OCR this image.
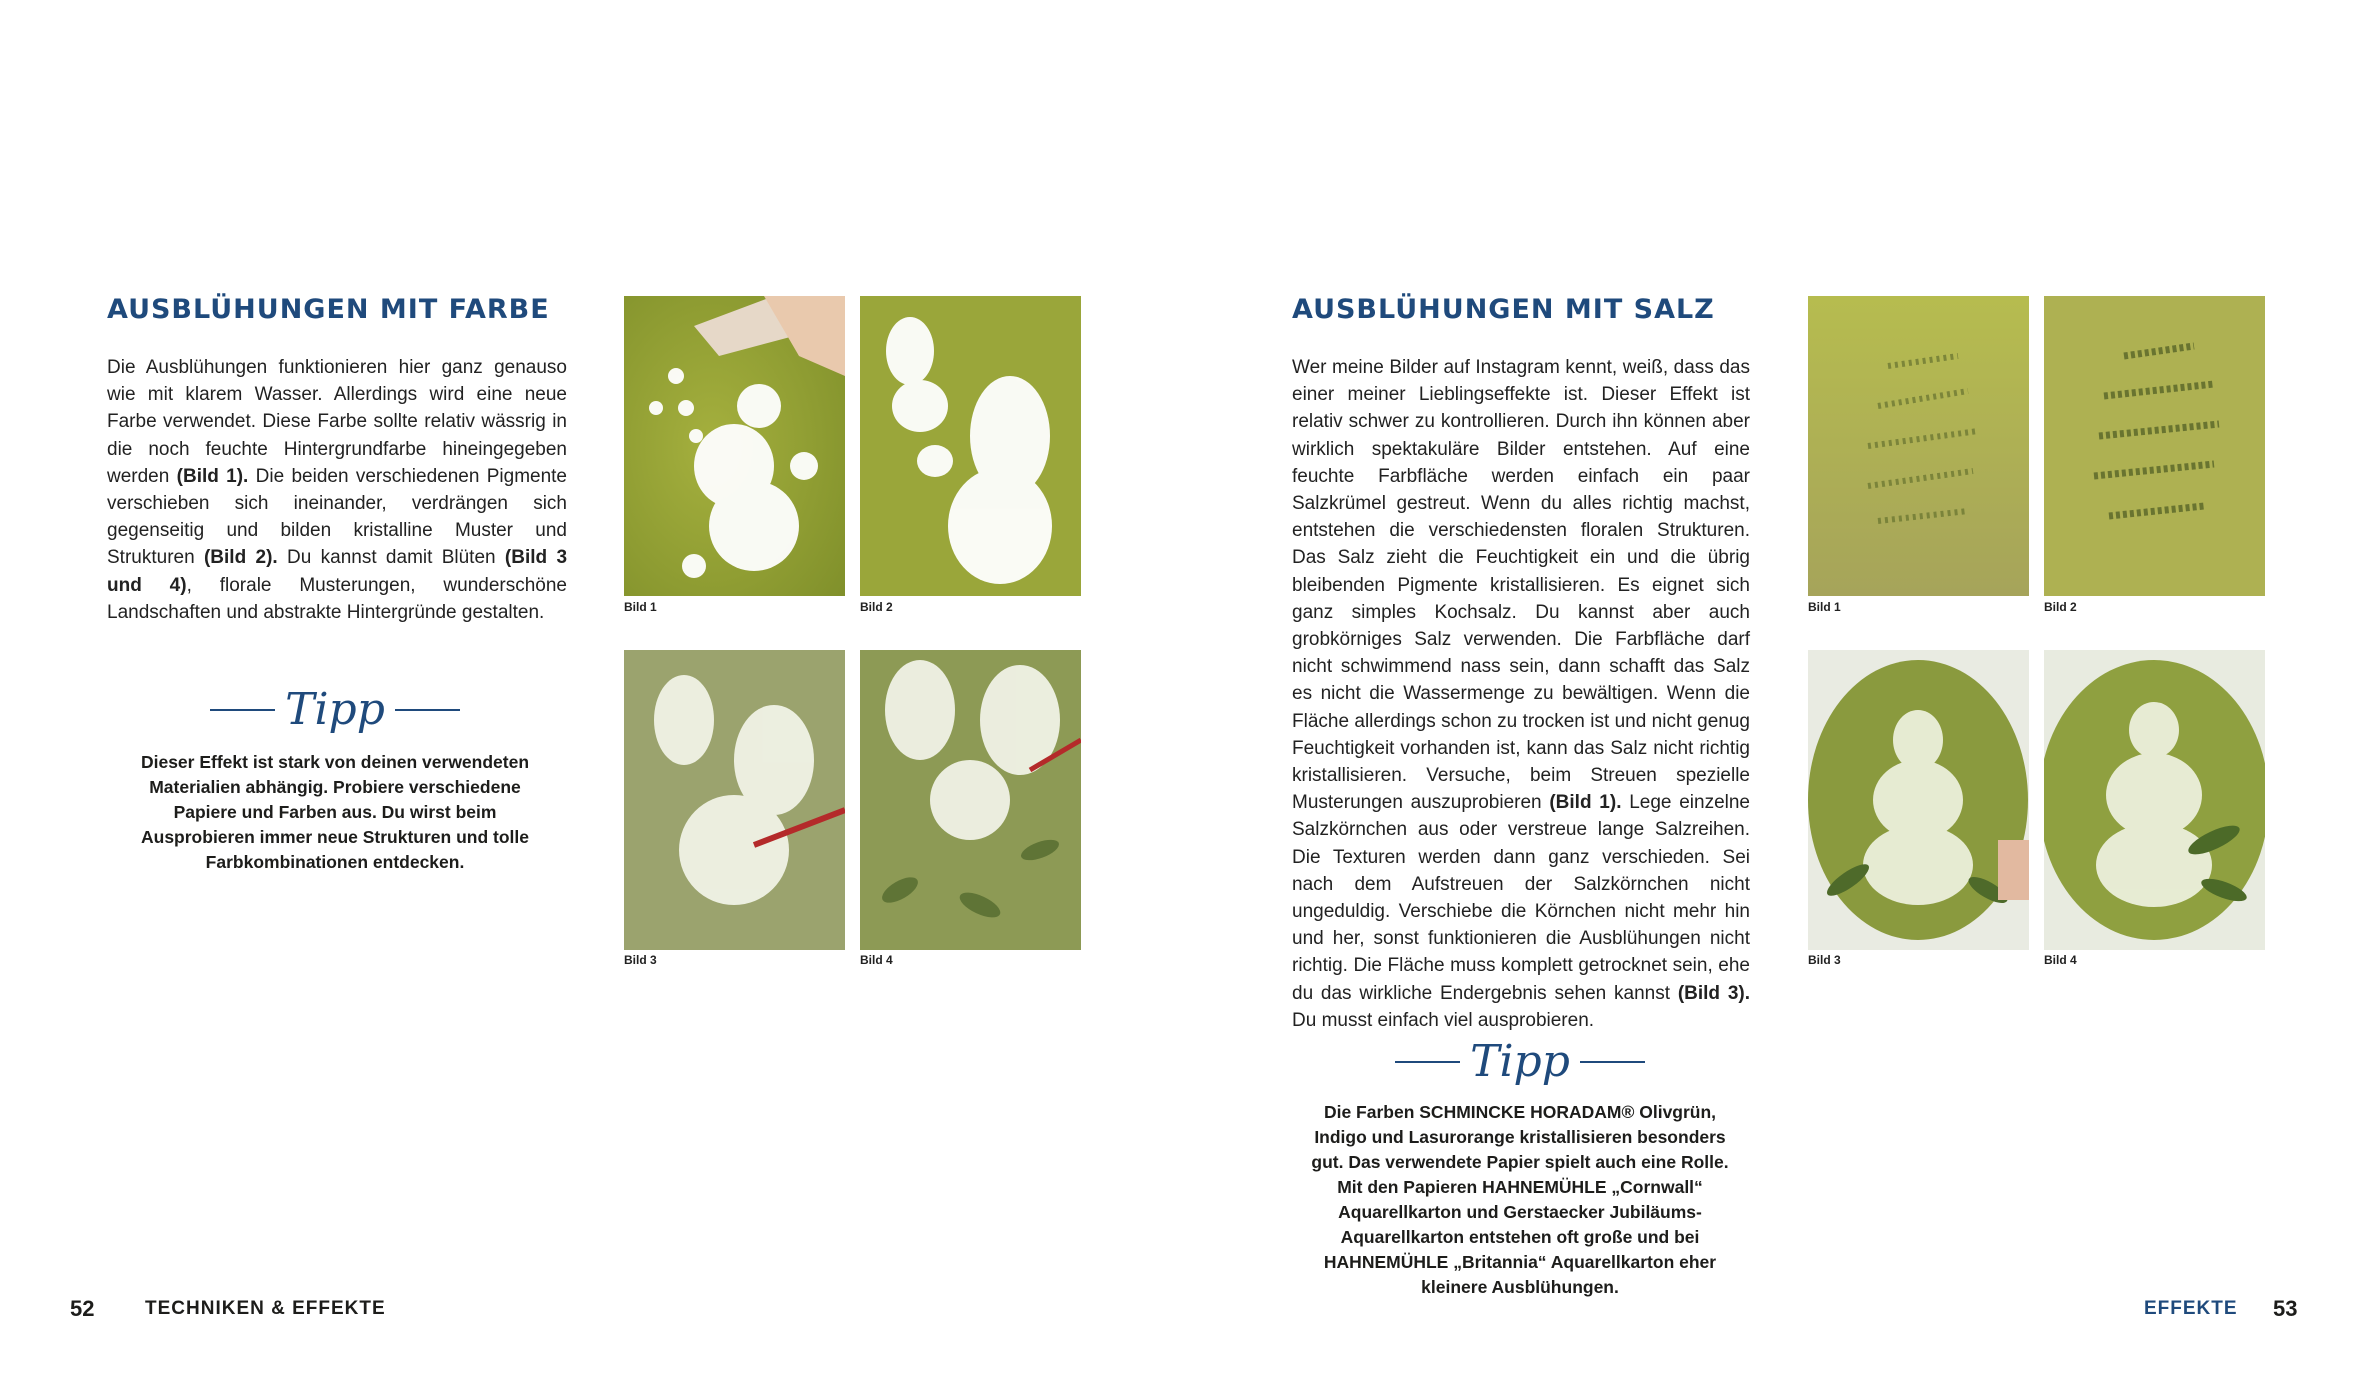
AUSBLÜHUNGEN MIT FARBE
Die Ausblühungen funktionieren hier ganz genauso wie mit klarem Wasser. Allerdings wird eine neue Farbe verwendet. Diese Farbe sollte relativ wässrig in die noch feuchte Hintergrundfarbe hineingegeben werden (Bild 1). Die beiden verschiedenen Pigmente verschieben sich ineinander, verdrängen sich gegenseitig und bilden kristalline Muster und Strukturen (Bild 2). Du kannst damit Blüten (Bild 3 und 4), florale Musterungen, wunderschöne Landschaften und abstrakte Hintergründe gestalten.
Tipp
Dieser Effekt ist stark von deinen verwendeten Materialien abhängig. Probiere verschiedene Papiere und Farben aus. Du wirst beim Ausprobieren immer neue Strukturen und tolle Farbkombinationen entdecken.
Bild 1	Bild 2
Bild 3	Bild 4
52	TECHNIKEN & EFFEKTE
AUSBLÜHUNGEN MIT SALZ
Wer meine Bilder auf Instagram kennt, weiß, dass das einer meiner Lieblingseffekte ist. Dieser Effekt ist relativ schwer zu kontrollieren. Durch ihn können aber wirklich spektakuläre Bilder entstehen. Auf eine feuchte Farbfläche werden einfach ein paar Salzkrümel gestreut. Wenn du alles richtig machst, entstehen die verschiedensten floralen Strukturen. Das Salz zieht die Feuchtigkeit ein und die übrig bleibenden Pigmente kristallisieren. Es eignet sich ganz simples Kochsalz. Du kannst aber auch grobkörniges Salz verwenden. Die Farbfläche darf nicht schwimmend nass sein, dann schafft das Salz es nicht die Wassermenge zu bewältigen. Wenn die Fläche allerdings schon zu trocken ist und nicht genug Feuchtigkeit vorhanden ist, kann das Salz nicht richtig kristallisieren. Versuche, beim Streuen spezielle Musterungen auszuprobieren (Bild 1). Lege einzelne Salzkörnchen aus oder verstreue lange Salzreihen. Die Texturen werden dann ganz verschieden. Sei nach dem Aufstreuen der Salzkörnchen nicht ungeduldig. Verschiebe die Körnchen nicht mehr hin und her, sonst funktionieren die Ausblühungen nicht richtig. Die Fläche muss komplett getrocknet sein, ehe du das wirkliche Endergebnis sehen kannst (Bild 3). Du musst einfach viel ausprobieren.
Tipp
Die Farben SCHMINCKE HORADAM® Olivgrün, Indigo und Lasurorange kristallisieren besonders gut. Das verwendete Papier spielt auch eine Rolle. Mit den Papieren HAHNEMÜHLE „Cornwall“ Aquarellkarton und Gerstaecker Jubiläums-Aquarellkarton entstehen oft große und bei HAHNEMÜHLE „Britannia“ Aquarellkarton eher kleinere Ausblühungen.
Bild 1	Bild 2
Bild 3	Bild 4
EFFEKTE 53
